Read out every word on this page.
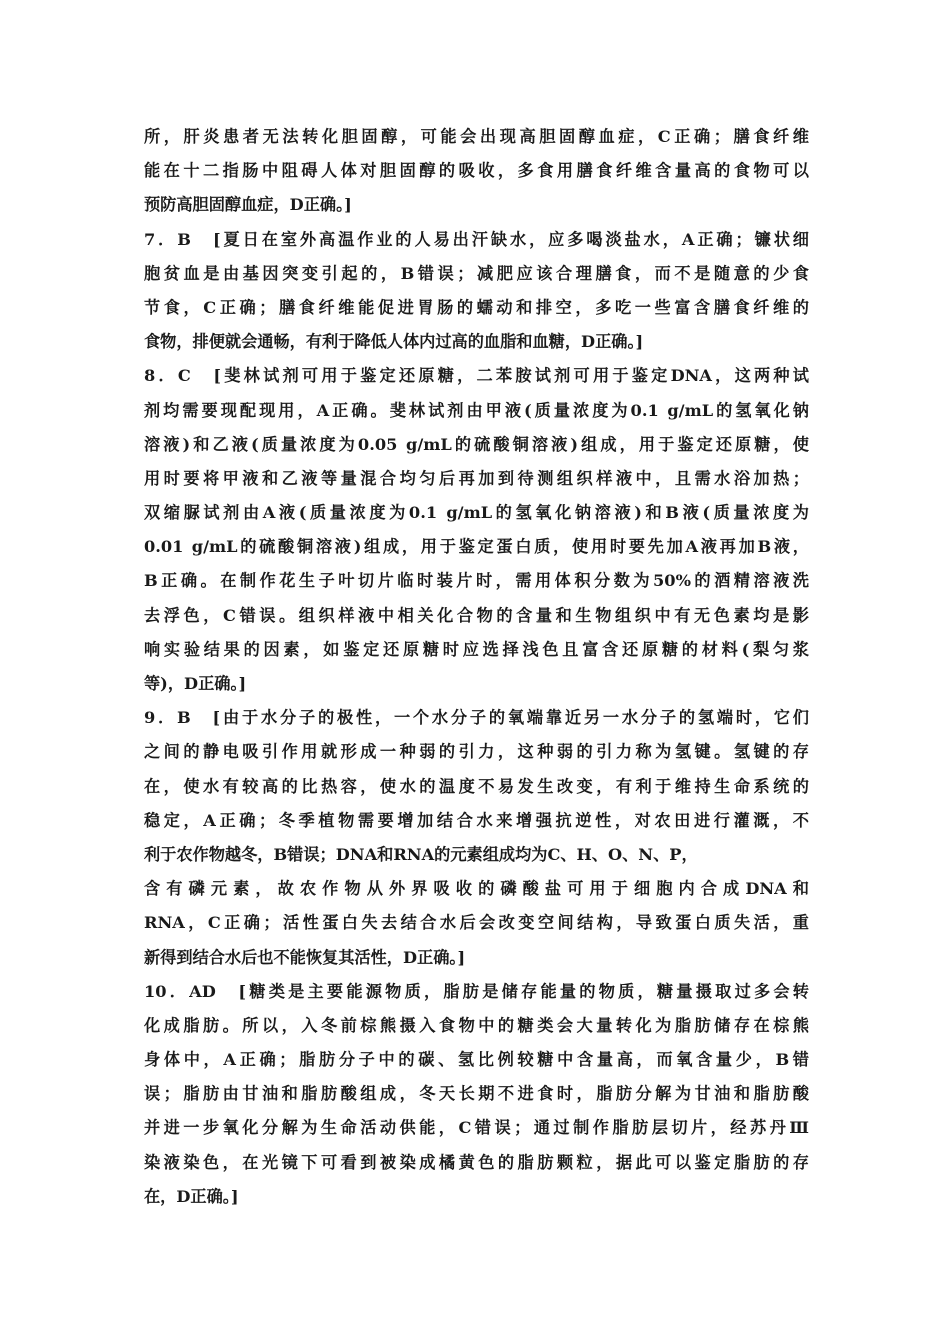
所，肝炎患者无法转化胆固醇，可能会出现高胆固醇血症，C正确；膳食纤维
能在十二指肠中阻碍人体对胆固醇的吸收，多食用膳食纤维含量高的食物可以
预防高胆固醇血症，D正确。]
7．B　[夏日在室外高温作业的人易出汗缺水，应多喝淡盐水，A正确；镰状细
胞贫血是由基因突变引起的，B错误；减肥应该合理膳食，而不是随意的少食
节食，C正确；膳食纤维能促进胃肠的蠕动和排空，多吃一些富含膳食纤维的
食物，排便就会通畅，有利于降低人体内过高的血脂和血糖，D正确。]
8．C　[斐林试剂可用于鉴定还原糖，二苯胺试剂可用于鉴定DNA，这两种试
剂均需要现配现用，A正确。斐林试剂由甲液(质量浓度为0.1 g/mL的氢氧化钠
溶液)和乙液(质量浓度为0.05 g/mL的硫酸铜溶液)组成，用于鉴定还原糖，使
用时要将甲液和乙液等量混合均匀后再加到待测组织样液中，且需水浴加热；
双缩脲试剂由A液(质量浓度为0.1 g/mL的氢氧化钠溶液)和B液(质量浓度为
0.01 g/mL的硫酸铜溶液)组成，用于鉴定蛋白质，使用时要先加A液再加B液，
B正确。在制作花生子叶切片临时装片时，需用体积分数为50%的酒精溶液洗
去浮色，C错误。组织样液中相关化合物的含量和生物组织中有无色素均是影
响实验结果的因素，如鉴定还原糖时应选择浅色且富含还原糖的材料(梨匀浆
等)，D正确。]
9．B　[由于水分子的极性，一个水分子的氧端靠近另一水分子的氢端时，它们
之间的静电吸引作用就形成一种弱的引力，这种弱的引力称为氢键。氢键的存
在，使水有较高的比热容，使水的温度不易发生改变，有利于维持生命系统的
稳定，A正确；冬季植物需要增加结合水来增强抗逆性，对农田进行灌溉，不
利于农作物越冬，B错误；DNA和RNA的元素组成均为C、H、O、N、P，
含有磷元素，故农作物从外界吸收的磷酸盐可用于细胞内合成DNA和
RNA，C正确；活性蛋白失去结合水后会改变空间结构，导致蛋白质失活，重
新得到结合水后也不能恢复其活性，D正确。]
10．AD　[糖类是主要能源物质，脂肪是储存能量的物质，糖量摄取过多会转
化成脂肪。所以，入冬前棕熊摄入食物中的糖类会大量转化为脂肪储存在棕熊
身体中，A正确；脂肪分子中的碳、氢比例较糖中含量高，而氧含量少，B错
误；脂肪由甘油和脂肪酸组成，冬天长期不进食时，脂肪分解为甘油和脂肪酸
并进一步氧化分解为生命活动供能，C错误；通过制作脂肪层切片，经苏丹Ⅲ
染液染色，在光镜下可看到被染成橘黄色的脂肪颗粒，据此可以鉴定脂肪的存
在，D正确。]
